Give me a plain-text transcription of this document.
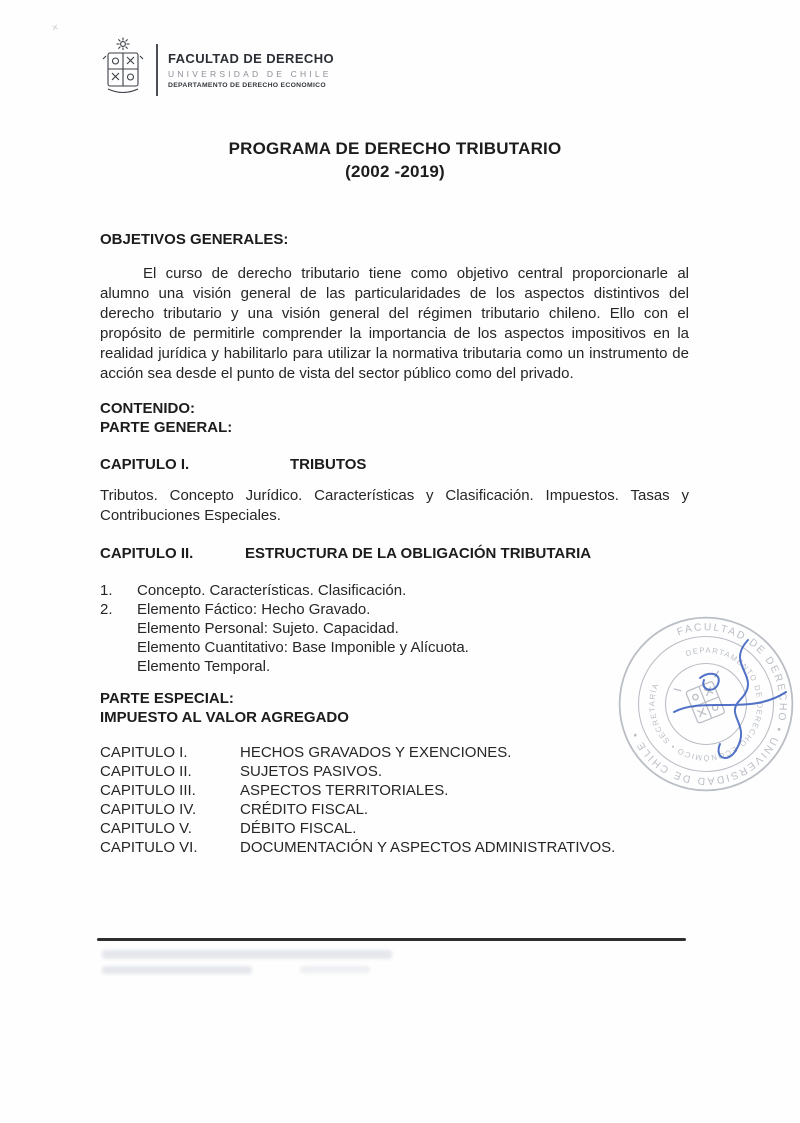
×
FACULTAD DE DERECHO
UNIVERSIDAD DE CHILE
DEPARTAMENTO DE DERECHO ECONOMICO
PROGRAMA DE DERECHO TRIBUTARIO
(2002 -2019)
OBJETIVOS GENERALES:

El curso de derecho tributario tiene como objetivo central proporcionarle al alumno una visión general de las particularidades de los aspectos distintivos del derecho tributario y una visión general del régimen tributario chileno. Ello con el propósito de permitirle comprender la importancia de los aspectos impositivos en la realidad jurídica y habilitarlo para utilizar la normativa tributaria como un instrumento de acción sea desde el punto de vista del sector público como del privado.

CONTENIDO:
PARTE GENERAL:
CAPITULO I.	TRIBUTOS

Tributos. Concepto Jurídico. Características y Clasificación. Impuestos. Tasas y Contribuciones Especiales.

CAPITULO II.	ESTRUCTURA DE LA OBLIGACIÓN TRIBUTARIA
1.	Concepto. Características. Clasificación.
2.	Elemento Fáctico: Hecho Gravado.
Elemento Personal: Sujeto. Capacidad.
Elemento Cuantitativo: Base Imponible y Alícuota.
Elemento Temporal.
PARTE ESPECIAL:
IMPUESTO AL VALOR AGREGADO
CAPITULO I.	HECHOS GRAVADOS Y EXENCIONES.
CAPITULO II.	SUJETOS PASIVOS.
CAPITULO III.	ASPECTOS TERRITORIALES.
CAPITULO IV.	CRÉDITO FISCAL.
CAPITULO V.	DÉBITO FISCAL.
CAPITULO VI.	DOCUMENTACIÓN Y ASPECTOS ADMINISTRATIVOS.
FACULTAD DE DERECHO • UNIVERSIDAD DE CHILE •
DEPARTAMENTO DE DERECHO ECONÓMICO • SECRETARÍA
